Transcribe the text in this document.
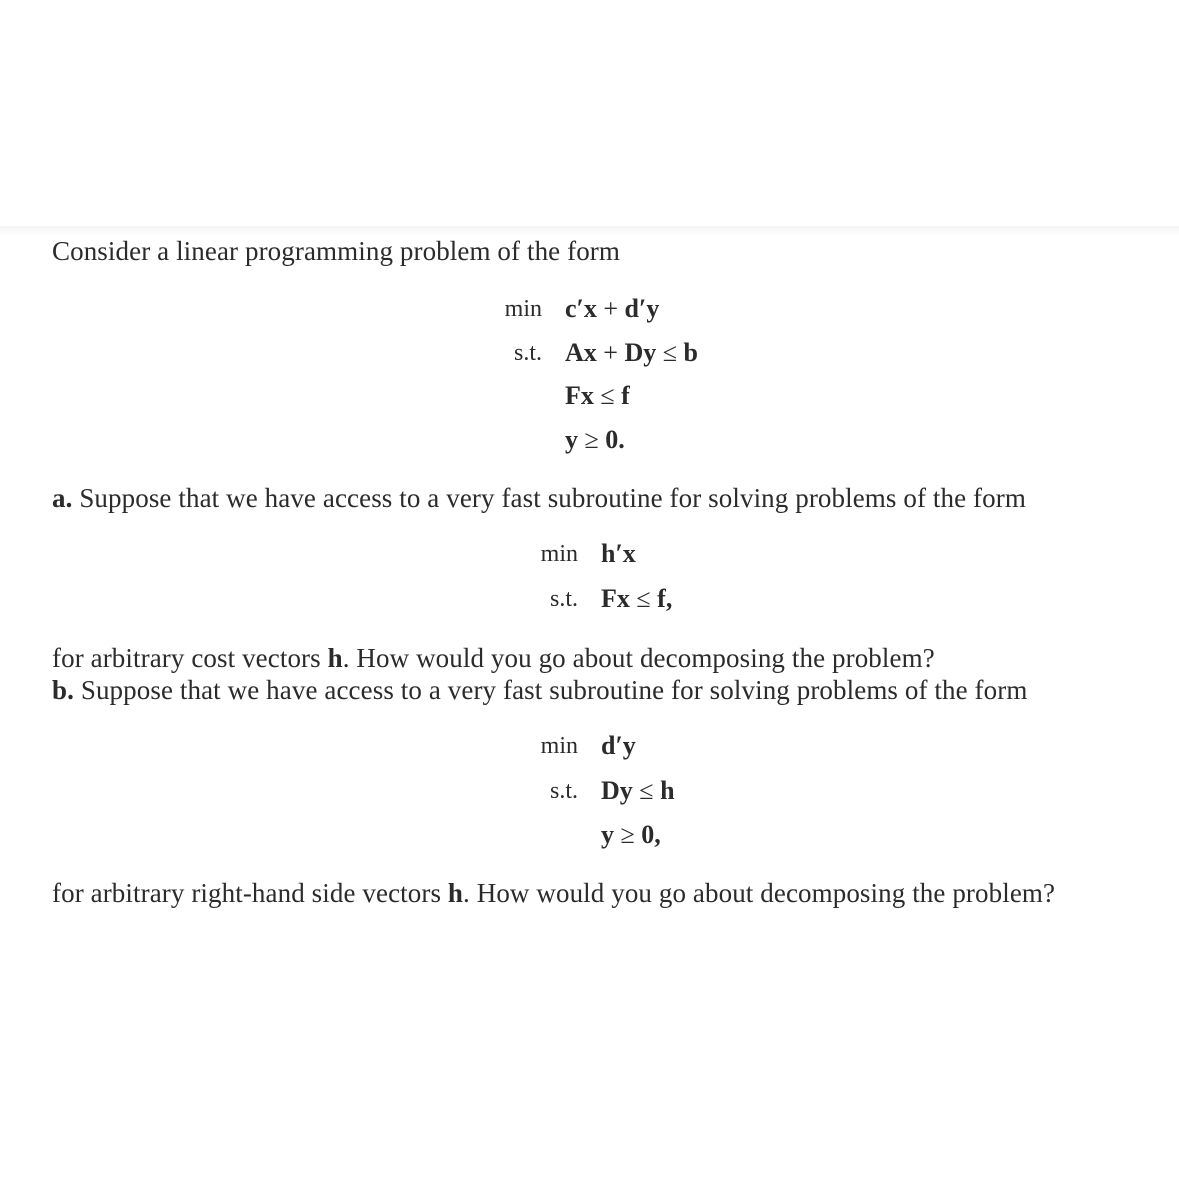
Consider a linear programming problem of the form
min c′x + d′y
s.t. Ax + Dy ≤ b
Fx ≤ f
y ≥ 0.
a. Suppose that we have access to a very fast subroutine for solving problems of the form
min h′x
s.t. Fx ≤ f,
for arbitrary cost vectors h. How would you go about decomposing the problem?
b. Suppose that we have access to a very fast subroutine for solving problems of the form
min d′y
s.t. Dy ≤ h
y ≥ 0,
for arbitrary right-hand side vectors h. How would you go about decomposing the problem?
